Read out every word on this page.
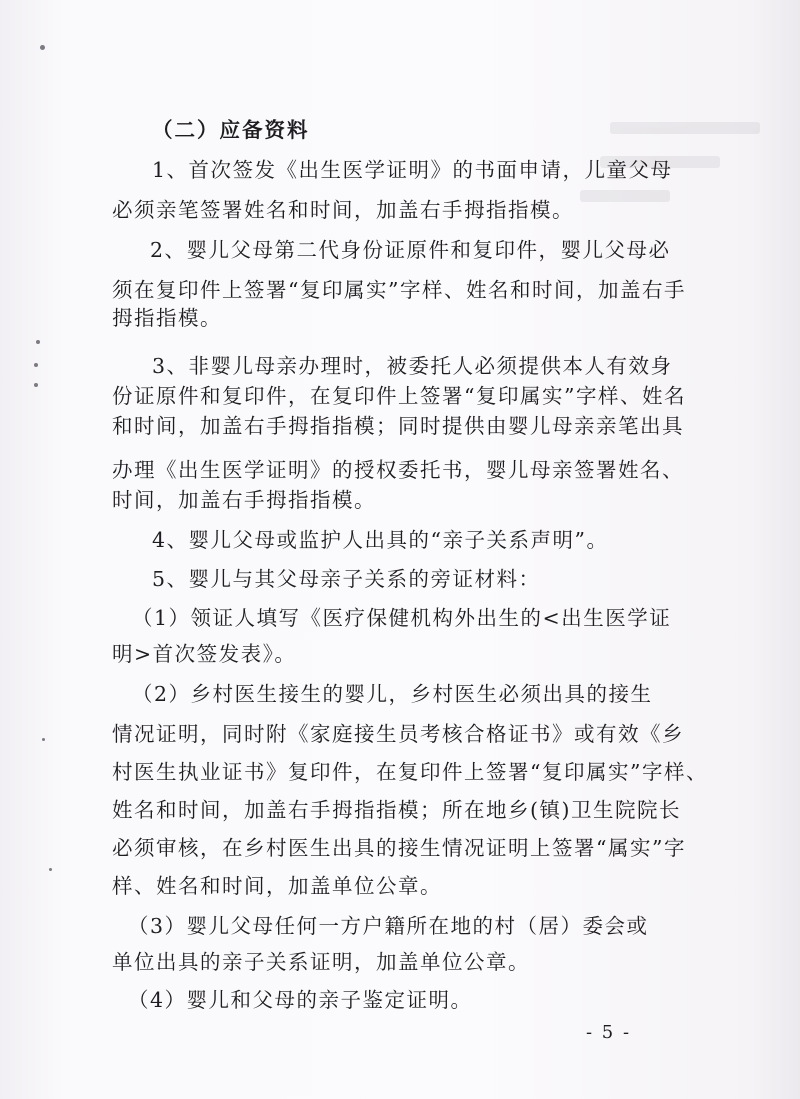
（二）应备资料
1、首次签发《出生医学证明》的书面申请，儿童父母
必须亲笔签署姓名和时间，加盖右手拇指指模。
2、婴儿父母第二代身份证原件和复印件，婴儿父母必
须在复印件上签署“复印属实”字样、姓名和时间，加盖右手
拇指指模。
3、非婴儿母亲办理时，被委托人必须提供本人有效身
份证原件和复印件，在复印件上签署“复印属实”字样、姓名
和时间，加盖右手拇指指模；同时提供由婴儿母亲亲笔出具
办理《出生医学证明》的授权委托书，婴儿母亲签署姓名、
时间，加盖右手拇指指模。
4、婴儿父母或监护人出具的“亲子关系声明”。
5、婴儿与其父母亲子关系的旁证材料：
（1）领证人填写《医疗保健机构外出生的<出生医学证
明>首次签发表》。
（2）乡村医生接生的婴儿，乡村医生必须出具的接生
情况证明，同时附《家庭接生员考核合格证书》或有效《乡
村医生执业证书》复印件，在复印件上签署“复印属实”字样、
姓名和时间，加盖右手拇指指模；所在地乡(镇)卫生院院长
必须审核，在乡村医生出具的接生情况证明上签署“属实”字
样、姓名和时间，加盖单位公章。
（3）婴儿父母任何一方户籍所在地的村（居）委会或
单位出具的亲子关系证明，加盖单位公章。
（4）婴儿和父母的亲子鉴定证明。
- 5 -
